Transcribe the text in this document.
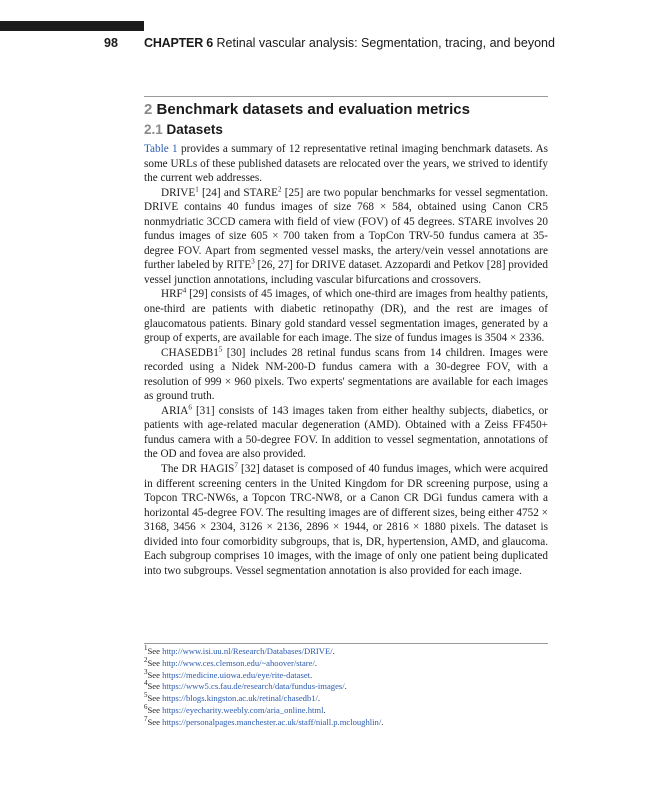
98 CHAPTER 6 Retinal vascular analysis: Segmentation, tracing, and beyond
2 Benchmark datasets and evaluation metrics
2.1 Datasets

Table 1 provides a summary of 12 representative retinal imaging benchmark datasets. As some URLs of these published datasets are relocated over the years, we strived to identify the current web addresses.

DRIVE$^1$ [24] and STARE$^2$ [25] are two popular benchmarks for vessel segmentation. DRIVE contains 40 fundus images of size 768 × 584, obtained using Canon CR5 nonmydriatic 3CCD camera with field of view (FOV) of 45 degrees. STARE involves 20 fundus images of size 605 × 700 taken from a TopCon TRV-50 fundus camera at 35-degree FOV. Apart from segmented vessel masks, the artery/vein vessel annotations are further labeled by RITE$^3$ [26, 27] for DRIVE dataset. Azzopardi and Petkov [28] provided vessel junction annotations, including vascular bifurcations and crossovers.

HRF$^4$ [29] consists of 45 images, of which one-third are images from healthy patients, one-third are patients with diabetic retinopathy (DR), and the rest are images of glaucomatous patients. Binary gold standard vessel segmentation images, generated by a group of experts, are available for each image. The size of fundus images is 3504 × 2336.

$CHASEDB1^5$ [30] includes 28 retinal fundus scans from 14 children. Images were recorded using a Nidek NM-200-D fundus camera with a 30-degree FOV, with a resolution of 999 × 960 pixels. Two experts' segmentations are available for each images as ground truth.

ARIA$^6$ [31] consists of 143 images taken from either healthy subjects, diabetics, or patients with age-related macular degeneration (AMD). Obtained with a Zeiss FF450+ fundus camera with a 50-degree FOV. In addition to vessel segmentation, annotations of the OD and fovea are also provided.

The DR HAGIS$^7$ [32] dataset is composed of 40 fundus images, which were acquired in different screening centers in the United Kingdom for DR screening purpose, using a Topcon TRC-NW6s, a Topcon TRC-NW8, or a Canon CR DGi fundus camera with a horizontal 45-degree FOV. The resulting images are of different sizes, being either 4752 × 3168, 3456 × 2304, 3126 × 2136, 2896 × 1944, or 2816 × 1880 pixels. The dataset is divided into four comorbidity subgroups, that is, DR, hypertension, AMD, and glaucoma. Each subgroup comprises 10 images, with the image of only one patient being duplicated into two subgroups. Vessel segmentation annotation is also provided for each image.

$^1$See http://www.isi.uu.nl/Research/Databases/DRIVE/.
$^2$See http://www.ces.clemson.edu/~ahoover/stare/.
$^3$See https://medicine.uiowa.edu/eye/rite-dataset.
$^4$See https://www5.cs.fau.de/research/data/fundus-images/.
$^5$See https://blogs.kingston.ac.uk/retinal/chasedb1/.
$^6$See https://eyecharity.weebly.com/aria_online.html.
$^7$See https://personalpages.manchester.ac.uk/staff/niall.p.mcloughlin/.
